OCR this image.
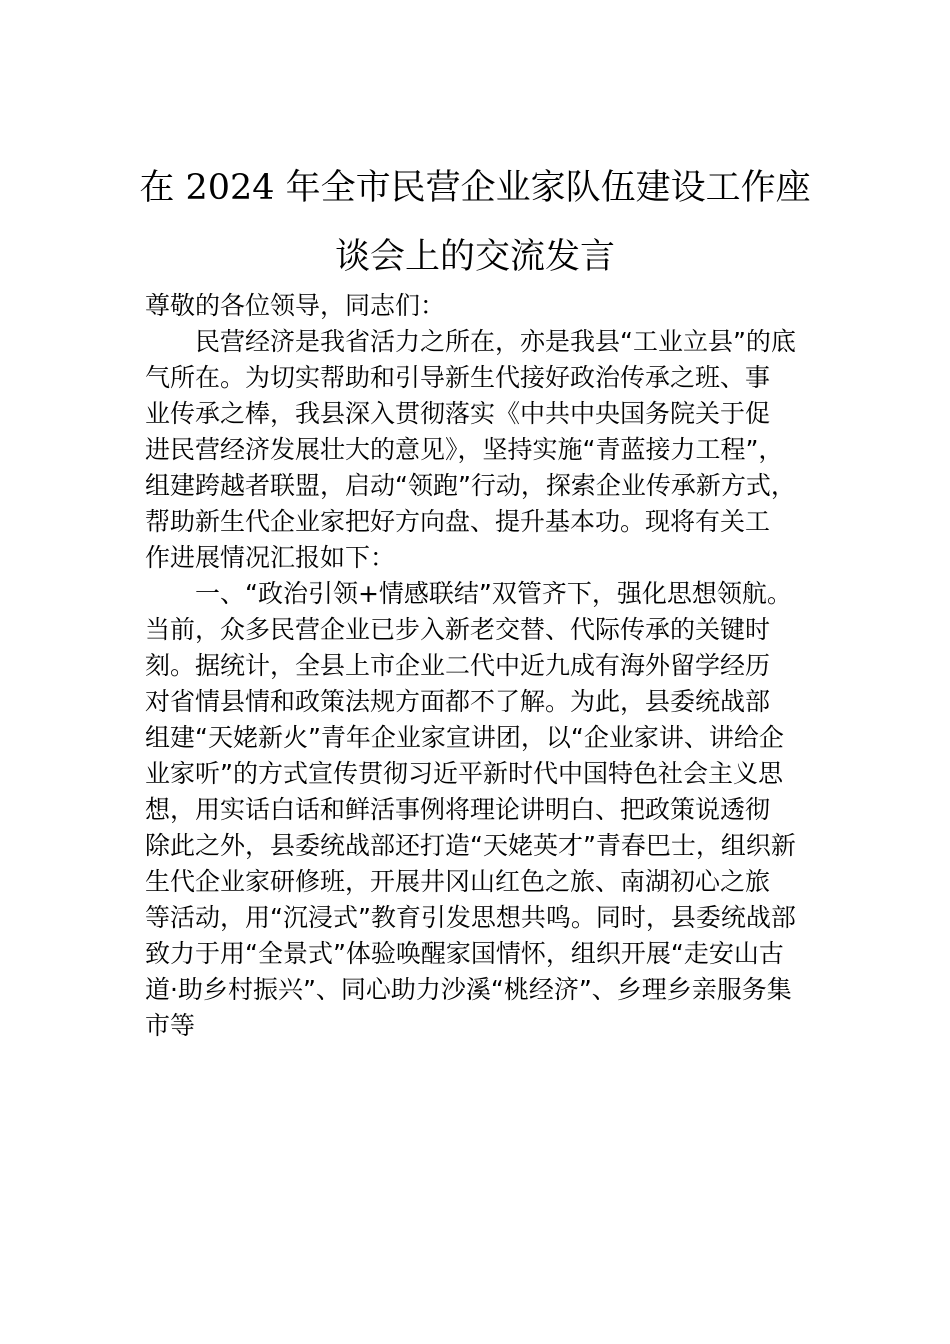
在 2024 年全市民营企业家队伍建设工作座
谈会上的交流发言
尊敬的各位领导，同志们：
民营经济是我省活力之所在，亦是我县“工业立县”的底
气所在。为切实帮助和引导新生代接好政治传承之班、事
业传承之棒，我县深入贯彻落实《中共中央国务院关于促
进民营经济发展壮大的意见》，坚持实施“青蓝接力工程”，
组建跨越者联盟，启动“领跑”行动，探索企业传承新方式，
帮助新生代企业家把好方向盘、提升基本功。现将有关工
作进展情况汇报如下：
一、“政治引领+情感联结”双管齐下，强化思想领航。
当前，众多民营企业已步入新老交替、代际传承的关键时
刻。据统计，全县上市企业二代中近九成有海外留学经历
对省情县情和政策法规方面都不了解。为此，县委统战部
组建“天姥新火”青年企业家宣讲团，以“企业家讲、讲给企
业家听”的方式宣传贯彻习近平新时代中国特色社会主义思
想，用实话白话和鲜活事例将理论讲明白、把政策说透彻
除此之外，县委统战部还打造“天姥英才”青春巴士，组织新
生代企业家研修班，开展井冈山红色之旅、南湖初心之旅
等活动，用“沉浸式”教育引发思想共鸣。同时，县委统战部
致力于用“全景式”体验唤醒家国情怀，组织开展“走安山古
道·助乡村振兴”、同心助力沙溪“桃经济”、乡理乡亲服务集
市等
